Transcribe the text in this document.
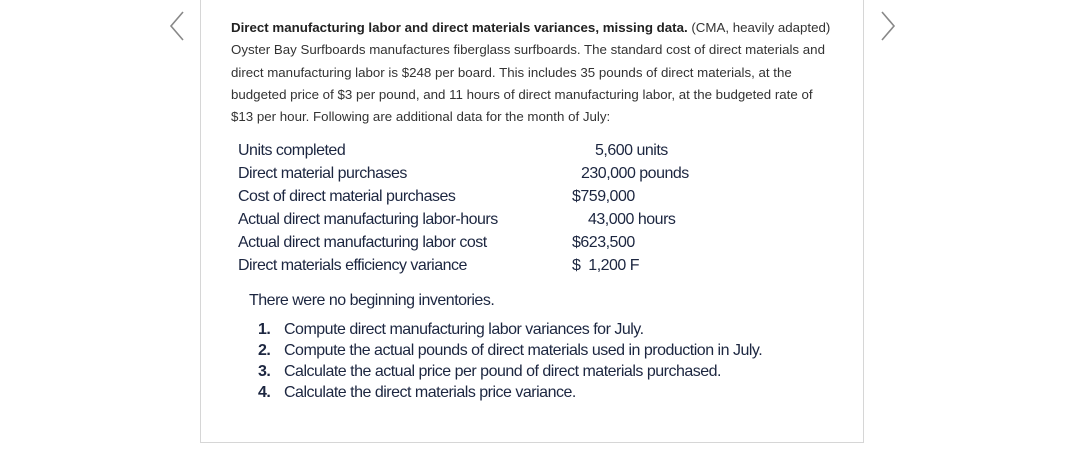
Direct manufacturing labor and direct materials variances, missing data. (CMA, heavily adapted) Oyster Bay Surfboards manufactures fiberglass surfboards. The standard cost of direct materials and direct manufacturing labor is $248 per board. This includes 35 pounds of direct materials, at the budgeted price of $3 per pound, and 11 hours of direct manufacturing labor, at the budgeted rate of $13 per hour. Following are additional data for the month of July:
Units completed	5,600 units
Direct material purchases	230,000 pounds
Cost of direct material purchases	$759,000
Actual direct manufacturing labor-hours	43,000 hours
Actual direct manufacturing labor cost	$623,500
Direct materials efficiency variance	$  1,200 F
There were no beginning inventories.
1. Compute direct manufacturing labor variances for July.
2. Compute the actual pounds of direct materials used in production in July.
3. Calculate the actual price per pound of direct materials purchased.
4. Calculate the direct materials price variance.
